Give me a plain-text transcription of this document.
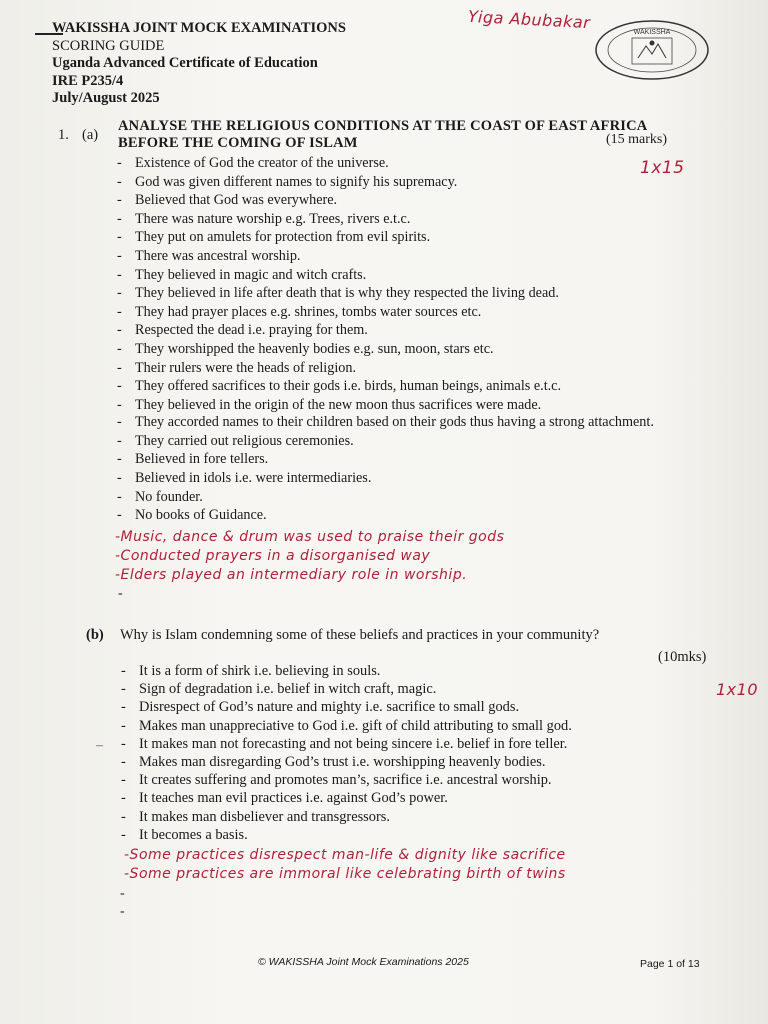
WAKISSHA JOINT MOCK EXAMINATIONS
SCORING GUIDE
Uganda Advanced Certificate of Education
IRE P235/4
July/August 2025
Yiga Abubakar
WAKISSHA
1. (a)
ANALYSE THE RELIGIOUS CONDITIONS AT THE COAST OF EAST AFRICA BEFORE THE COMING OF ISLAM	(15 marks)
1x15
- Existence of God the creator of the universe.
- God was given different names to signify his supremacy.
- Believed that God was everywhere.
- There was nature worship e.g. Trees, rivers e.t.c.
- They put on amulets for protection from evil spirits.
- There was ancestral worship.
- They believed in magic and witch crafts.
- They believed in life after death that is why they respected the living dead.
- They had prayer places e.g. shrines, tombs water sources etc.
- Respected the dead i.e. praying for them.
- They worshipped the heavenly bodies e.g. sun, moon, stars etc.
- Their rulers were the heads of religion.
- They offered sacrifices to their gods i.e. birds, human beings, animals e.t.c.
- They believed in the origin of the new moon thus sacrifices were made.
- They accorded names to their children based on their gods thus having a strong attachment.
- They carried out religious ceremonies.
- Believed in fore tellers.
- Believed in idols i.e. were intermediaries.
- No founder.
- No books of Guidance.
-Music, dance & drum was used to praise their gods
-Conducted prayers in a disorganised way
-Elders played an intermediary role in worship.
-
(b) Why is Islam condemning some of these beliefs and practices in your community?
(10mks)
1x10
–
- It is a form of shirk i.e. believing in souls.
- Sign of degradation i.e. belief in witch craft, magic.
- Disrespect of God’s nature and mighty i.e. sacrifice to small gods.
- Makes man unappreciative to God i.e. gift of child attributing to small god.
- It makes man not forecasting and not being sincere i.e. belief in fore teller.
- Makes man disregarding God’s trust i.e. worshipping heavenly bodies.
- It creates suffering and promotes man’s, sacrifice i.e. ancestral worship.
- It teaches man evil practices i.e. against God’s power.
- It makes man disbeliever and transgressors.
- It becomes a basis.
-Some practices disrespect man-life & dignity like sacrifice
-Some practices are immoral like celebrating birth of twins
-
-
© WAKISSHA Joint Mock Examinations 2025	Page 1 of 13
